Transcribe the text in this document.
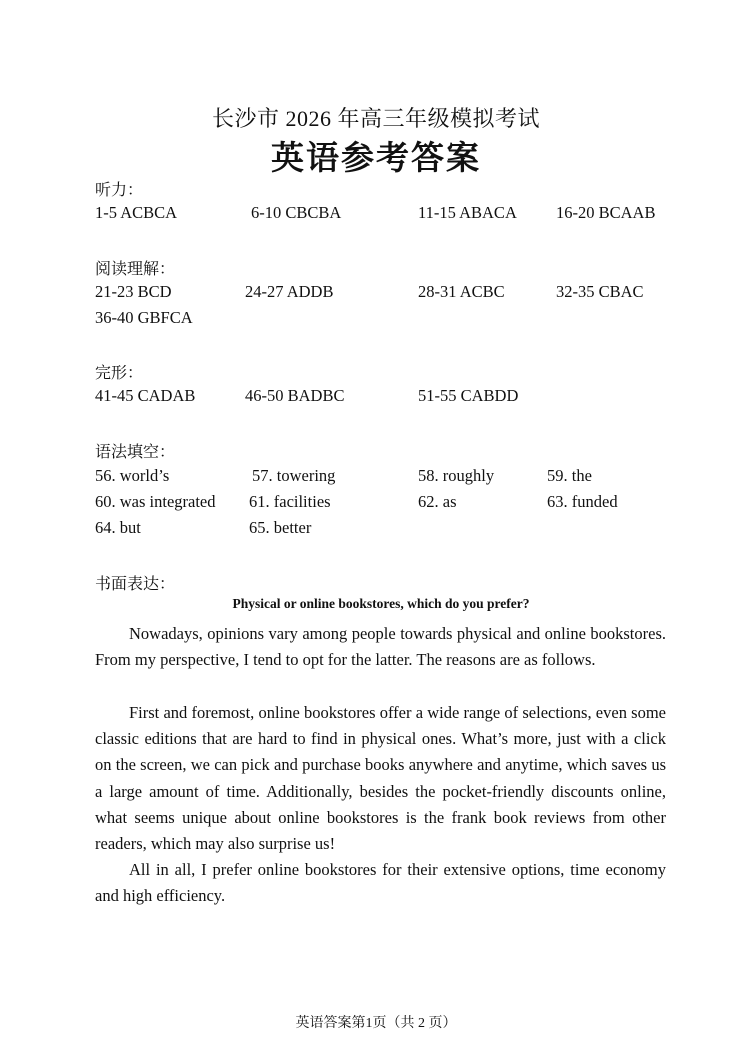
长沙市 2026 年高三年级模拟考试
英语参考答案
听力：
1-5 ACBCA	6-10 CBCBA	11-15 ABACA 16-20 BCAAB
阅读理解：
21-23 BCD	24-27 ADDB	28-31 ACBC	32-35 CBAC
36-40 GBFCA
完形：
41-45 CADAB	46-50 BADBC	51-55 CABDD
语法填空：
56. world’s	57. towering	58. roughly	59. the
60. was integrated 61. facilities	62. as	63. funded
64. but	65. better
书面表达：
Physical or online bookstores, which do you prefer?
Nowadays, opinions vary among people towards physical and online bookstores. From my perspective, I tend to opt for the latter. The reasons are as follows.
First and foremost, online bookstores offer a wide range of selections, even some classic editions that are hard to find in physical ones. What’s more, just with a click on the screen, we can pick and purchase books anywhere and anytime, which saves us a large amount of time. Additionally, besides the pocket-friendly discounts online, what seems unique about online bookstores is the frank book reviews from other readers, which may also surprise us!
All in all, I prefer online bookstores for their extensive options, time economy and high efficiency.
英语答案第1页（共 2 页）
